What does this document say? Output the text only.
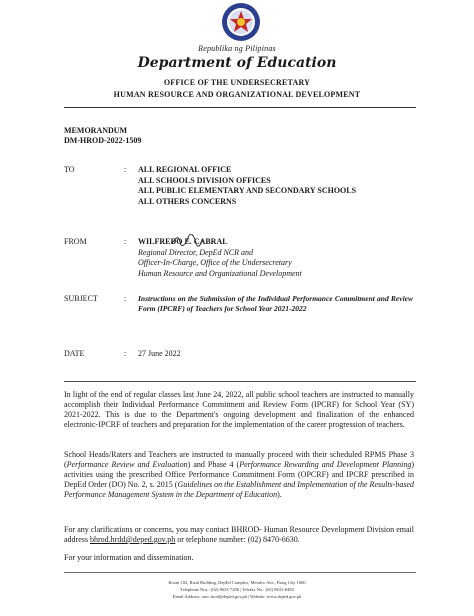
Republika ng Pilipinas
Department of Education
OFFICE OF THE UNDERSECRETARY
HUMAN RESOURCE AND ORGANIZATIONAL DEVELOPMENT
MEMORANDUM
DM-HROD-2022-1509
TO	: ALL REGIONAL OFFICE
ALL SCHOOLS DIVISION OFFICES
ALL PUBLIC ELEMENTARY AND SECONDARY SCHOOLS
ALL OTHERS CONCERNS
FROM	: WILFREDO E. CABRAL
Regional Director, DepEd NCR and
Officer-In-Charge, Office of the Undersecretary
Human Resource and Organizational Development
SUBJECT	: Instructions on the Submission of the Individual Performance Commitment and Review Form (IPCRF) of Teachers for School Year 2021-2022
DATE	: 27 June 2022
In light of the end of regular classes last June 24, 2022, all public school teachers are instructed to manually accomplish their Individual Performance Commitment and Review Form (IPCRF) for School Year (SY) 2021-2022. This is due to the Department's ongoing development and finalization of the enhanced electronic-IPCRF of teachers and preparation for the implementation of the career progression of teachers.
School Heads/Raters and Teachers are instructed to manually proceed with their scheduled RPMS Phase 3 (Performance Review and Evaluation) and Phase 4 (Performance Rewarding and Development Planning) activities using the prescribed Office Performance Commitment Form (OPCRF) and IPCRF prescribed in DepEd Order (DO) No. 2, s. 2015 (Guidelines on the Establishment and Implementation of the Results-based Performance Management System in the Department of Education).
For any clarifications or concerns, you may contact BHROD- Human Resource Development Division email address bhrod.hrdd@deped.gov.ph or telephone number: (02) 8470-6630.
For your information and dissemination.
Room 102, Rizal Building, DepEd Complex, Meralco Ave., Pasig City 1600
Telephone Nos.: (02) 8633-7206 | Telefax No.: (02) 8631-8494
Email Address: usec.hrod@deped.gov.ph | Website: www.deped.gov.ph
